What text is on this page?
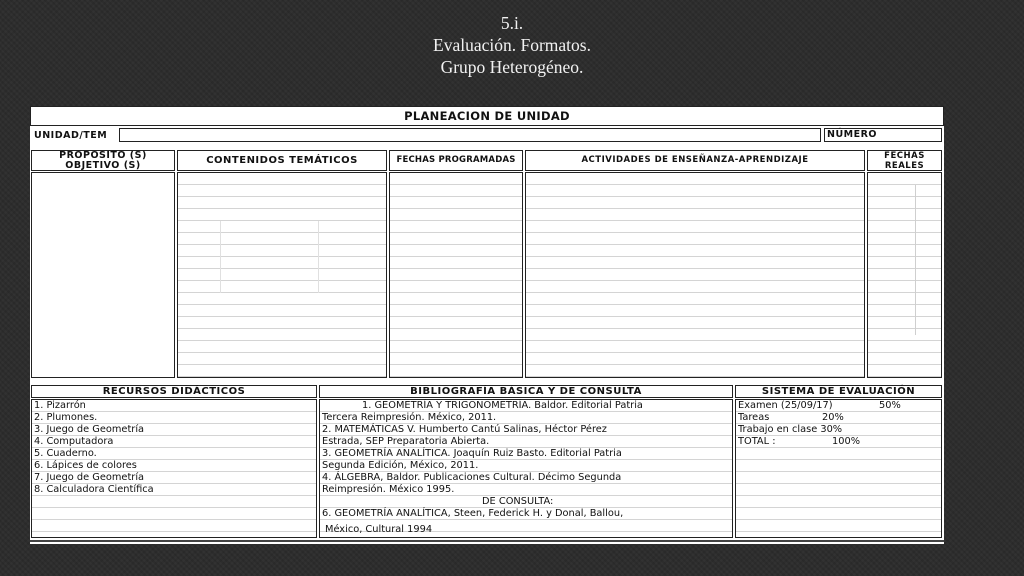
5.i.
Evaluación. Formatos.
Grupo Heterogéneo.
PLANEACION DE UNIDAD
UNIDAD/TEM	NÚMERO
PROPOSITO (S)
OBJETIVO (S)	CONTENIDOS TEMÁTICOS	FECHAS PROGRAMADAS	ACTIVIDADES DE ENSEÑANZA-APRENDIZAJE	FECHAS
REALES
RECURSOS DIDÁCTICOS	BIBLIOGRAFÍA BÁSICA Y DE CONSULTA	SISTEMA DE EVALUACIÓN
1. Pizarrón
2. Plumones.
3. Juego de Geometría
4. Computadora
5. Cuaderno.
6. Lápices de colores
7. Juego de Geometría
8. Calculadora Científica
1. GEOMETRÍA Y TRIGONOMETRÍA. Baldor. Editorial Patria
Tercera Reimpresión. México, 2011.
2. MATEMÁTICAS V. Humberto Cantú Salinas, Héctor Pérez
Estrada, SEP Preparatoria Abierta.
3. GEOMETRÍA ANALÍTICA. Joaquín Ruiz Basto. Editorial Patria
Segunda Edición, México, 2011.
4. ÁLGEBRA, Baldor. Publicaciones Cultural. Décimo Segunda
Reimpresión. México 1995.
DE CONSULTA:
6. GEOMETRÍA ANALÍTICA, Steen, Federick H. y Donal, Ballou,
México, Cultural 1994
Examen (25/09/17)	50%
Tareas	20%
Trabajo en clase 30%
TOTAL :	100%
